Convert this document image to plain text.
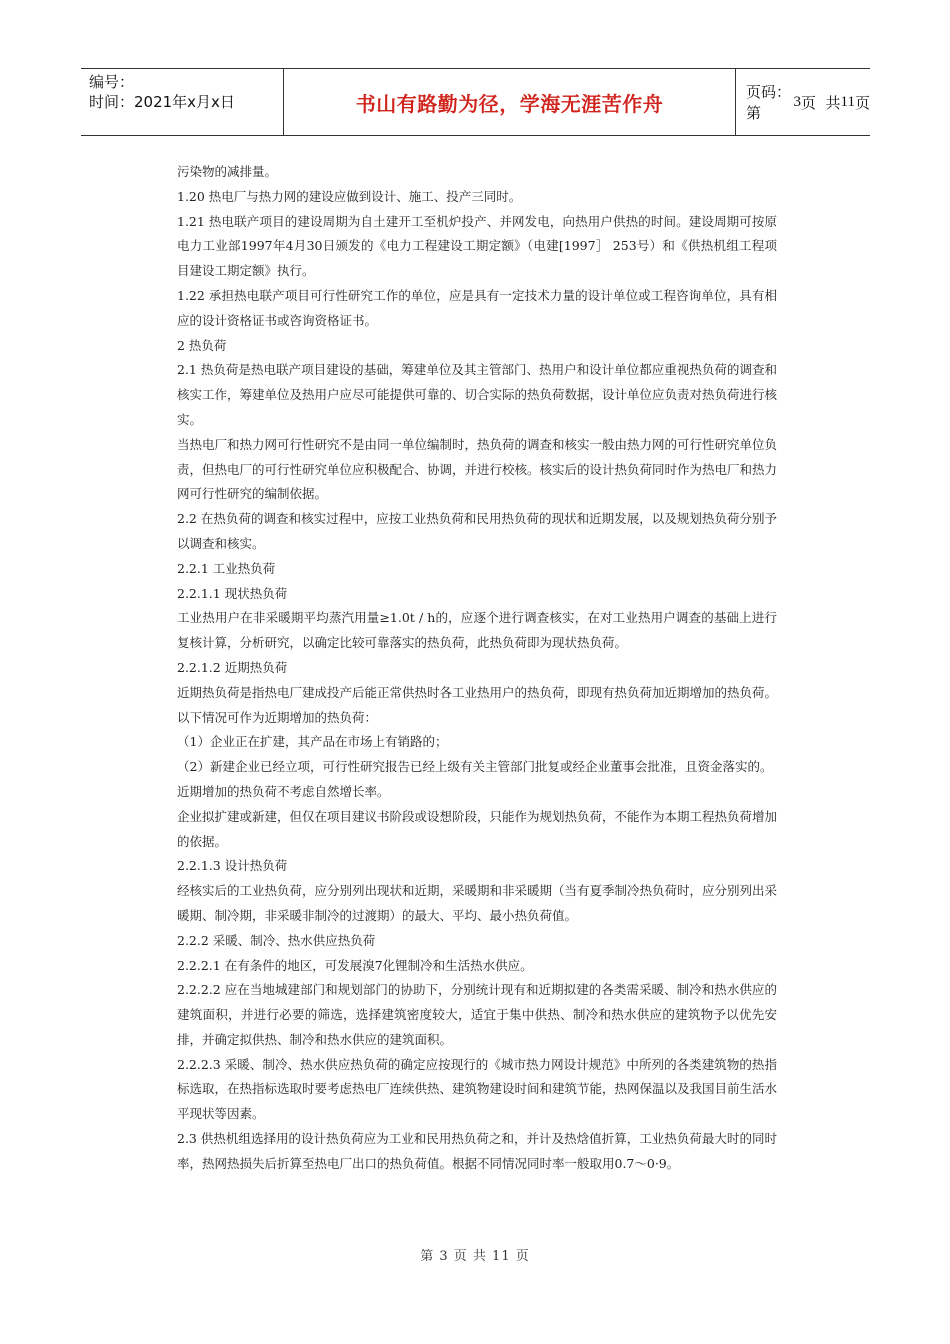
编号：
时间：2021年x月x日	书山有路勤为径，学海无涯苦作舟	页码：第
3 页  共 11 页

污染物的减排量。

1.20 热电厂与热力网的建设应做到设计、施工、投产三同时。

1.21 热电联产项目的建设周期为自土建开工至机炉投产、并网发电，向热用户供热的时间。建设周期可按原电力工业部1997年4月30日颁发的《电力工程建设工期定额》（电建[1997］ 253号）和《供热机组工程项目建设工期定额》执行。

1.22 承担热电联产项目可行性研究工作的单位，应是具有一定技术力量的设计单位或工程咨询单位，具有相应的设计资格证书或咨询资格证书。

2 热负荷

2.1 热负荷是热电联产项目建设的基础，筹建单位及其主管部门、热用户和设计单位都应重视热负荷的调查和核实工作，筹建单位及热用户应尽可能提供可靠的、切合实际的热负荷数据，设计单位应负责对热负荷进行核实。

当热电厂和热力网可行性研究不是由同一单位编制时，热负荷的调查和核实一般由热力网的可行性研究单位负责，但热电厂的可行性研究单位应积极配合、协调，并进行校核。核实后的设计热负荷同时作为热电厂和热力网可行性研究的编制依据。

2.2 在热负荷的调查和核实过程中，应按工业热负荷和民用热负荷的现状和近期发展，以及规划热负荷分别予以调查和核实。

2.2.1 工业热负荷

2.2.1.1 现状热负荷

工业热用户在非采暖期平均蒸汽用量≥1.0t / h的，应逐个进行调查核实，在对工业热用户调查的基础上进行复核计算，分析研究，以确定比较可靠落实的热负荷，此热负荷即为现状热负荷。

2.2.1.2 近期热负荷

近期热负荷是指热电厂建成投产后能正常供热时各工业热用户的热负荷，即现有热负荷加近期增加的热负荷。以下情况可作为近期增加的热负荷：

（1）企业正在扩建，其产品在市场上有销路的；

（2）新建企业已经立项，可行性研究报告已经上级有关主管部门批复或经企业董事会批准，且资金落实的。

近期增加的热负荷不考虑自然增长率。

企业拟扩建或新建，但仅在项目建议书阶段或设想阶段，只能作为规划热负荷，不能作为本期工程热负荷增加的依据。

2.2.1.3 设计热负荷

经核实后的工业热负荷，应分别列出现状和近期，采暖期和非采暖期（当有夏季制冷热负荷时，应分别列出采暖期、制冷期，非采暖非制冷的过渡期）的最大、平均、最小热负荷值。

2.2.2 采暖、制冷、热水供应热负荷

2.2.2.1 在有条件的地区，可发展溴7化锂制冷和生活热水供应。

2.2.2.2 应在当地城建部门和规划部门的协助下，分别统计现有和近期拟建的各类需采暖、制冷和热水供应的建筑面积，并进行必要的筛选，选择建筑密度较大，适宜于集中供热、制冷和热水供应的建筑物予以优先安排，并确定拟供热、制冷和热水供应的建筑面积。

2.2.2.3 采暖、制冷、热水供应热负荷的确定应按现行的《城市热力网设计规范》中所列的各类建筑物的热指标选取，在热指标选取时要考虑热电厂连续供热、建筑物建设时间和建筑节能，热网保温以及我国目前生活水平现状等因素。

2.3 供热机组选择用的设计热负荷应为工业和民用热负荷之和，并计及热焓值折算，工业热负荷最大时的同时率，热网热损失后折算至热电厂出口的热负荷值。根据不同情况同时率一般取用0.7～0·9。

第 3 页 共 11 页
